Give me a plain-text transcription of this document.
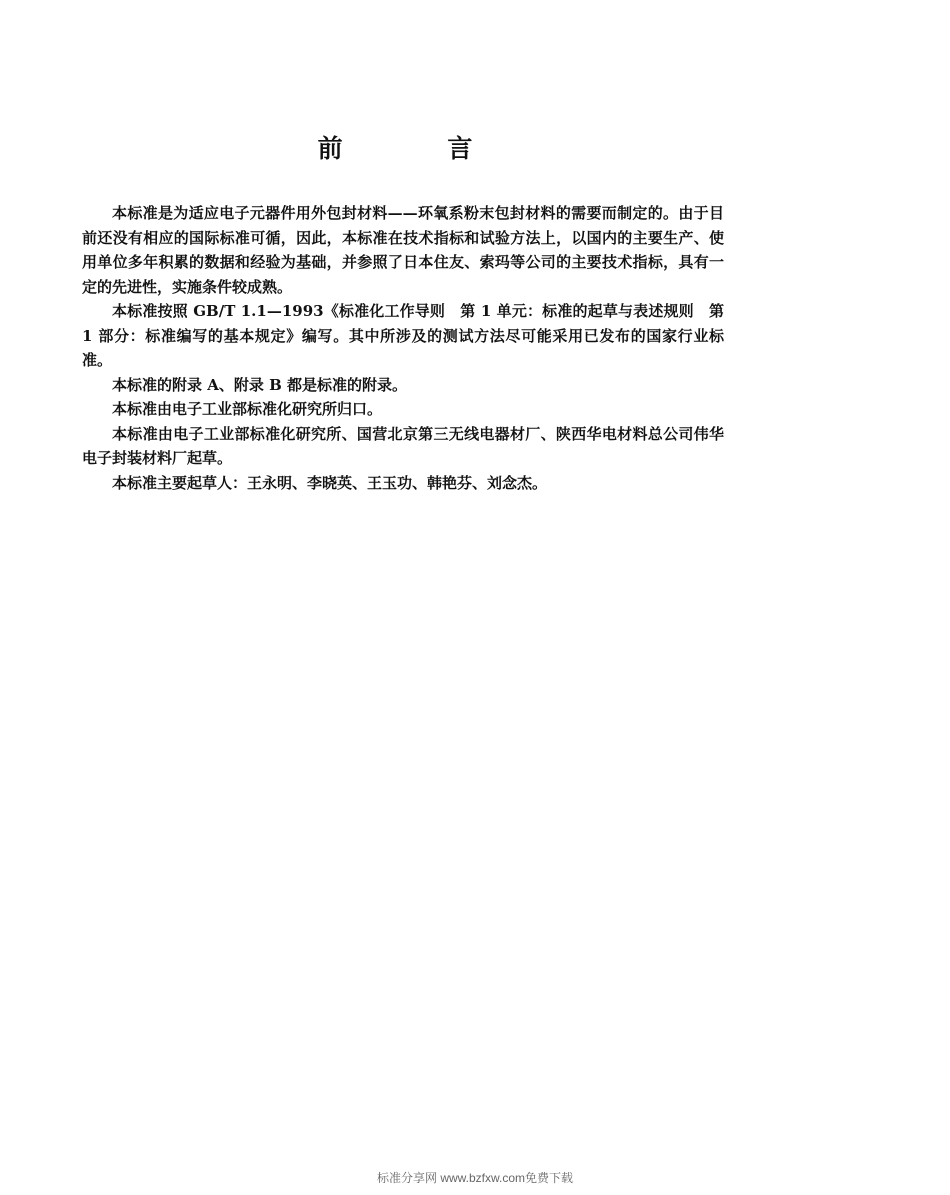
前 言

本标准是为适应电子元器件用外包封材料——环氧系粉末包封材料的需要而制定的。由于目前还没有相应的国际标准可循，因此，本标准在技术指标和试验方法上，以国内的主要生产、使用单位多年积累的数据和经验为基础，并参照了日本住友、索玛等公司的主要技术指标，具有一定的先进性，实施条件较成熟。

本标准按照 GB/T 1.1—1993《标准化工作导则　第 1 单元：标准的起草与表述规则　第 1 部分：标准编写的基本规定》编写。其中所涉及的测试方法尽可能采用已发布的国家行业标准。

本标准的附录 A、附录 B 都是标准的附录。

本标准由电子工业部标准化研究所归口。

本标准由电子工业部标准化研究所、国营北京第三无线电器材厂、陕西华电材料总公司伟华电子封装材料厂起草。

本标准主要起草人：王永明、李晓英、王玉功、韩艳芬、刘念杰。

标准分享网 www.bzfxw.com免费下载
